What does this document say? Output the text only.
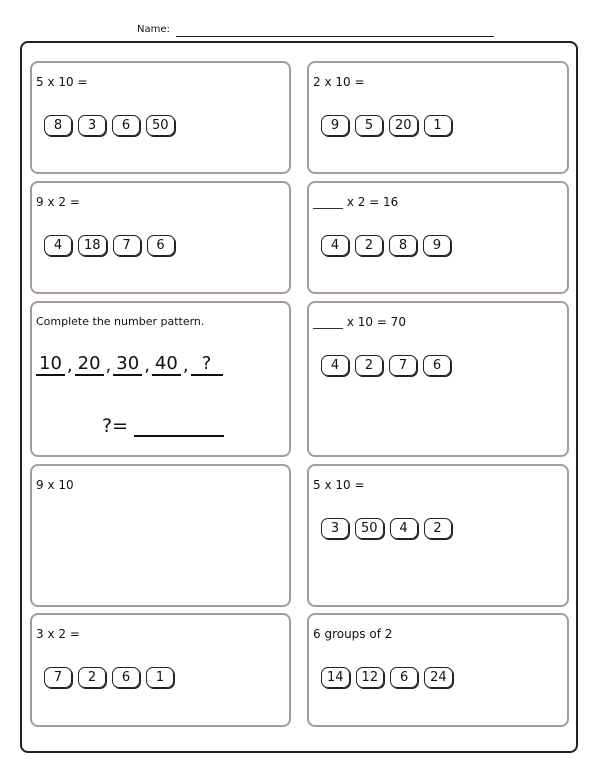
Name:
5 x 10 =
8	3	6	50
2 x 10 =
9	5	20	1
9 x 2 =
4	18	7	6
_____ x 2 = 16
4	2	8	9
Complete the number pattern.
10 , 20 , 30 , 40 , ?
?=
_____ x 10 = 70
4	2	7	6
9 x 10	5 x 10 =
3	50	4	2
3 x 2 =
7	2	6	1
6 groups of 2
14	12	6	24
